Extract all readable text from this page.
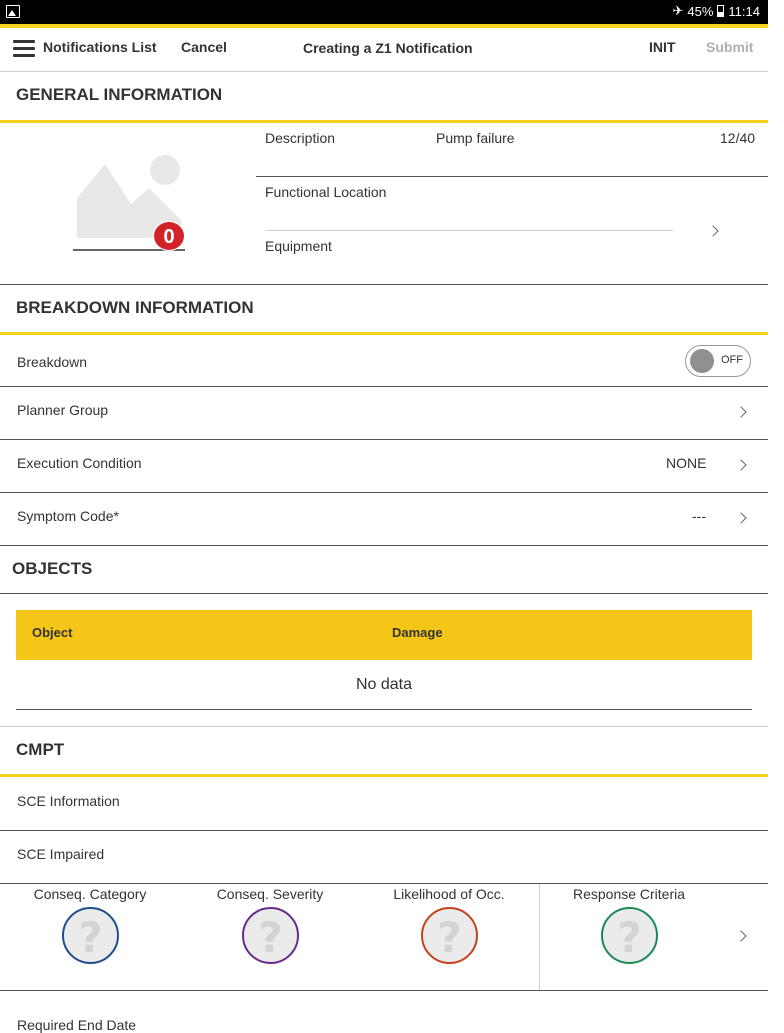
✈ 45% 11:14
Notifications List Cancel	Creating a Z1 Notification	INIT Submit
GENERAL INFORMATION
0
Description	Pump failure	12/40
Functional Location
Equipment
BREAKDOWN INFORMATION
Breakdown	OFF
Planner Group
Execution Condition	NONE
Symptom Code*	---
OBJECTS
Object	Damage
No data
CMPT
SCE Information
SCE Impaired
Conseq. Category
?
Conseq. Severity
?
Likelihood of Occ.
?
Response Criteria
?
Required End Date
